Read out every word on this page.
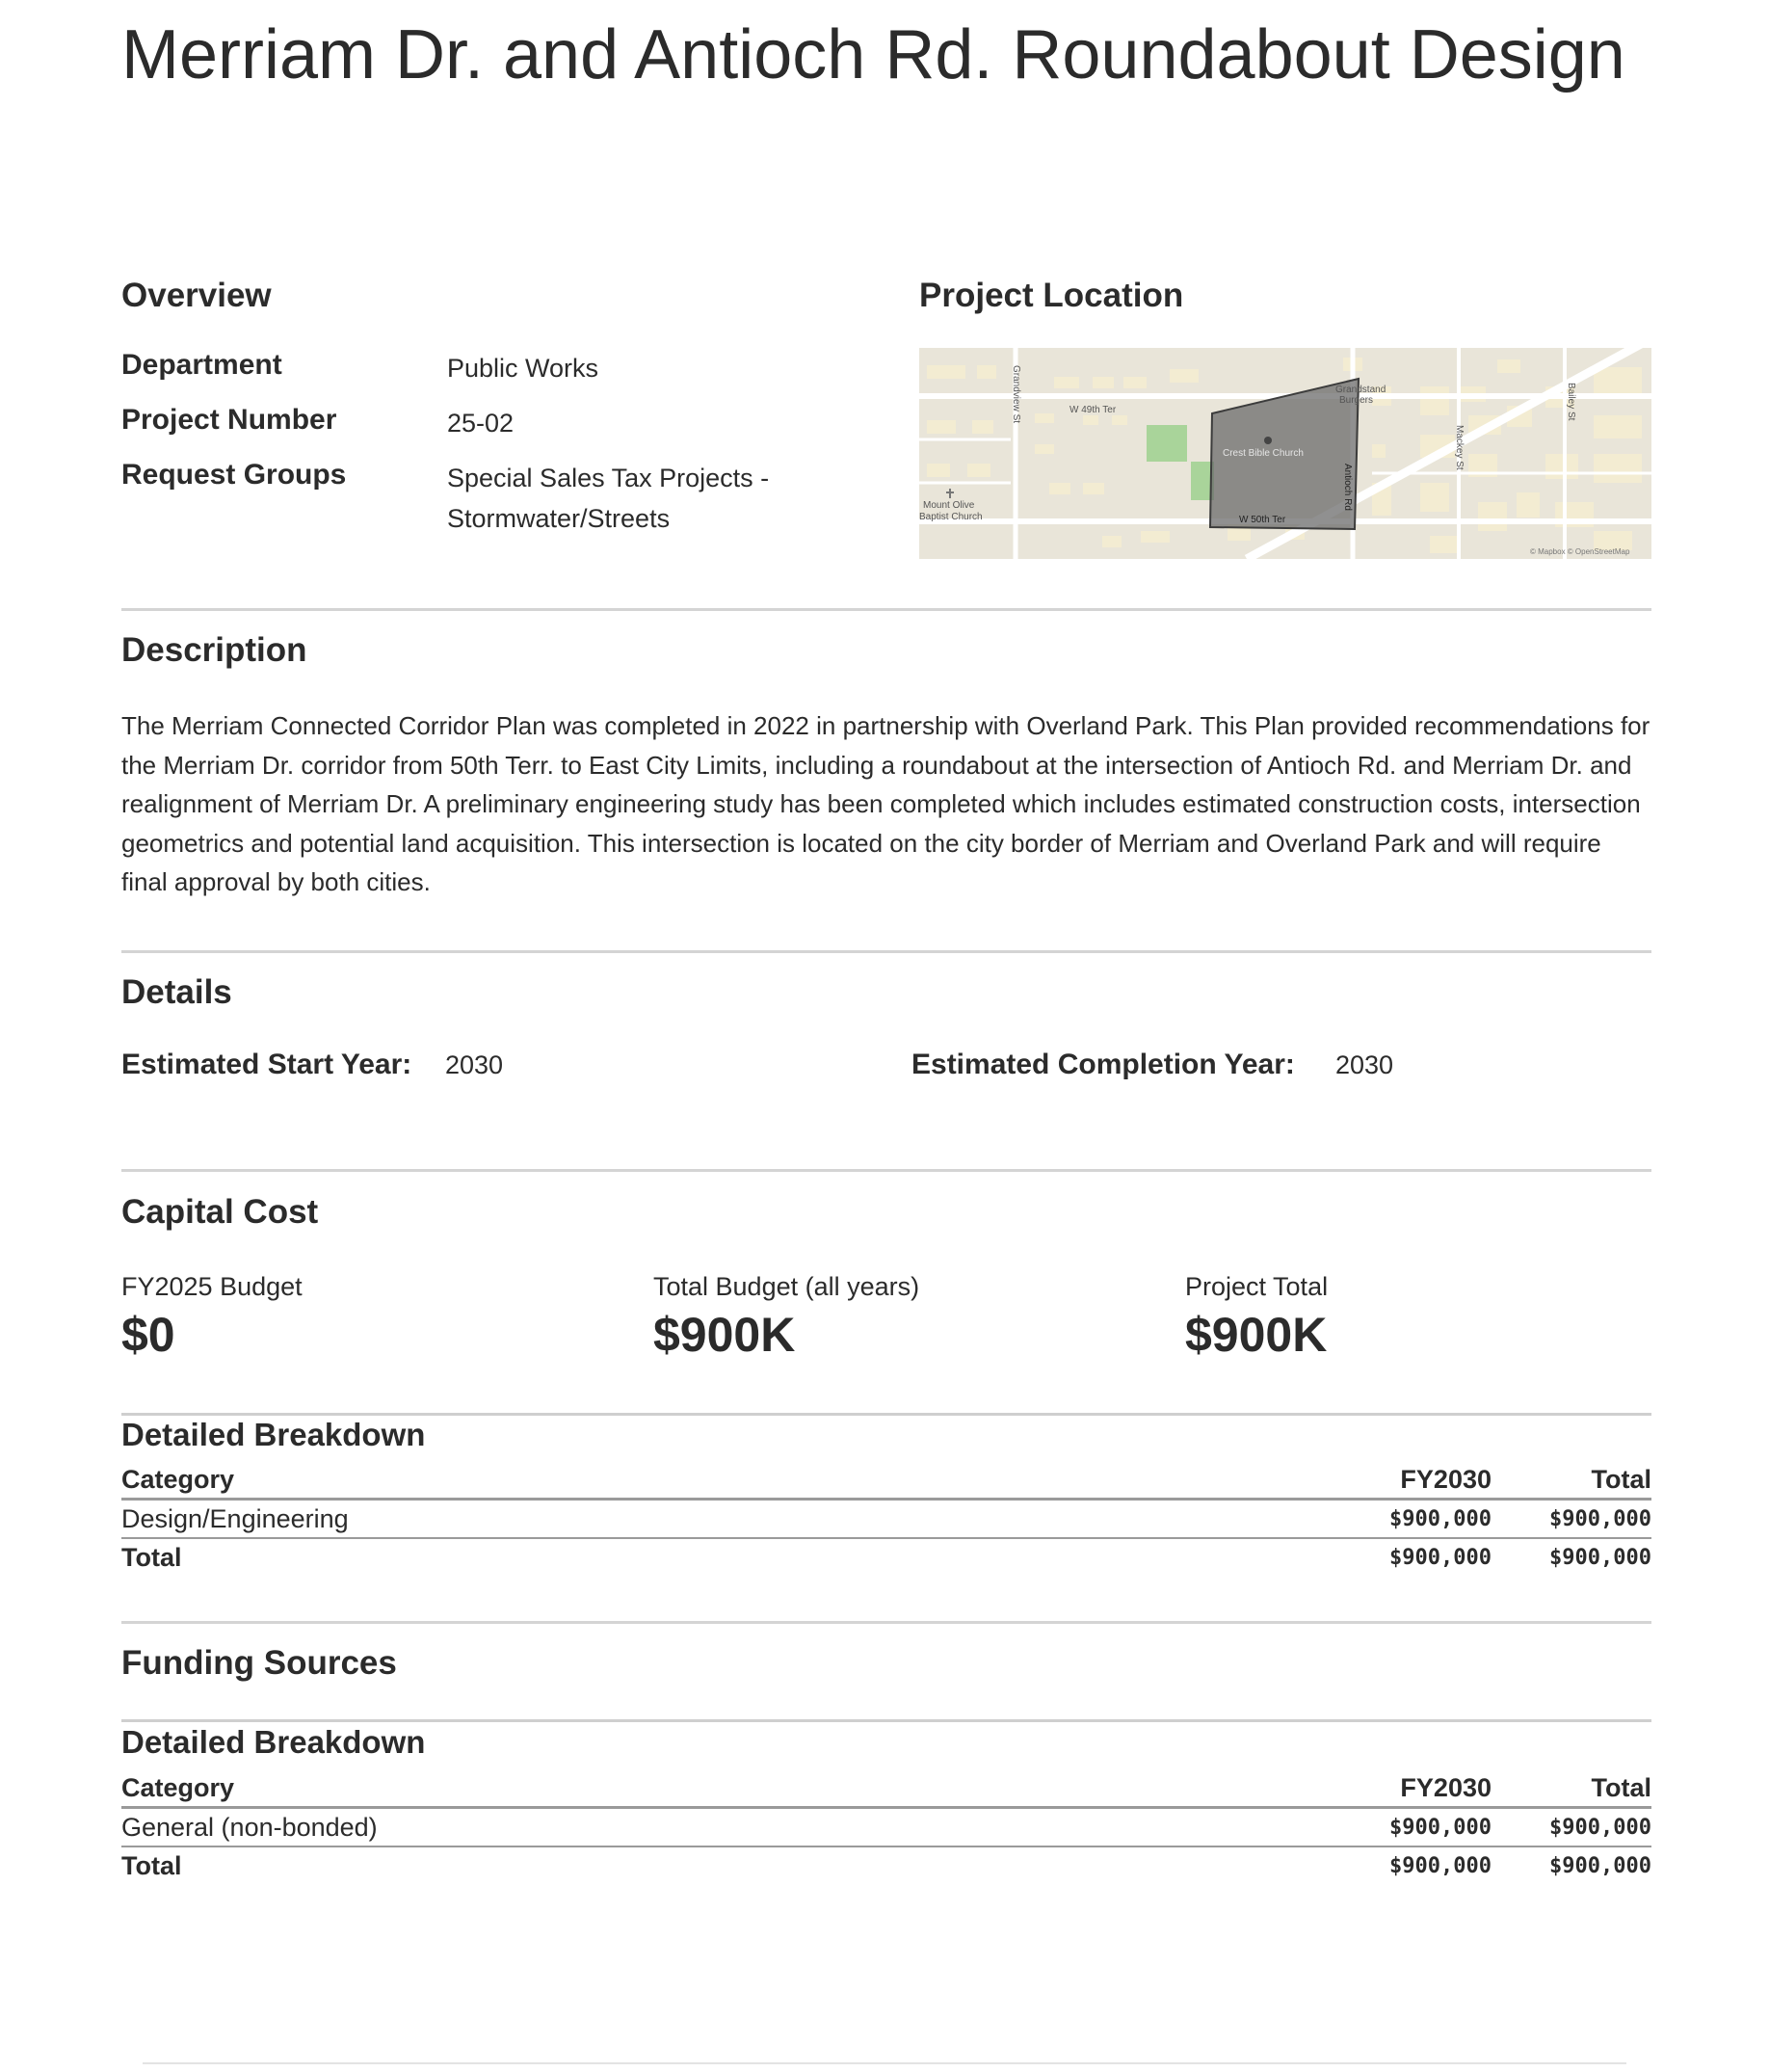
Merriam Dr. and Antioch Rd. Roundabout Design
Overview
Department	Public Works
Project Number	25-02
Request Groups	Special Sales Tax Projects -
Stormwater/Streets
Project Location
W 49th Ter
Grandstand
Burgers
Crest Bible Church
W 50th Ter
Mount Olive
Baptist Church
© Mapbox © OpenStreetMap
Grandview St
Antioch Rd
Mackey St
Bailey St
Description
The Merriam Connected Corridor Plan was completed in 2022 in partnership with Overland Park. This Plan provided recommendations for the Merriam Dr. corridor from 50th Terr. to East City Limits, including a roundabout at the intersection of Antioch Rd. and Merriam Dr. and realignment of Merriam Dr. A preliminary engineering study has been completed which includes estimated construction costs, intersection geometrics and potential land acquisition. This intersection is located on the city border of Merriam and Overland Park and will require final approval by both cities.
Details
Estimated Start Year: 2030	Estimated Completion Year: 2030
Capital Cost
FY2025 Budget
$0
Total Budget (all years)
$900K
Project Total
$900K
Detailed Breakdown
Category	FY2030	Total
Design/Engineering	$900,000	$900,000
Total	$900,000	$900,000
Funding Sources
Detailed Breakdown
Category	FY2030	Total
General (non-bonded)	$900,000	$900,000
Total	$900,000	$900,000
